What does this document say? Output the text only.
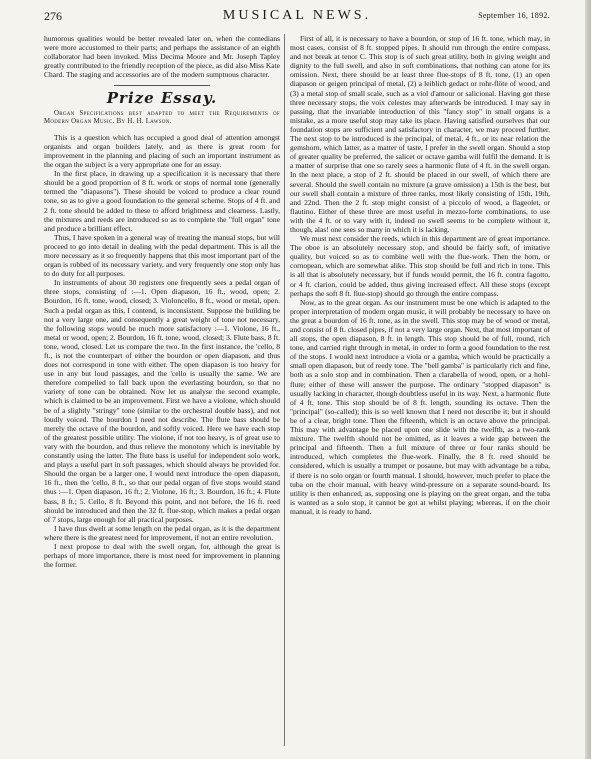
MUSICAL NEWS.
276	September 16, 1892.

humorous qualities would be better revealed later on, when the comedians were more accustomed to their parts; and perhaps the assistance of an eighth collaborator had been invoked. Miss Decima Moore and Mr. Joseph Tapley greatly contributed to the friendly reception of the piece, as did also Miss Kate Chard. The staging and accessories are of the modern sumptuous character.

Prize Essay.
Organ Specifications best adapted to meet the Requirements of Modern Organ Music. By H. H. Lawson.

This is a question which has occupied a good deal of attention amongst organists and organ builders lately, and as there is great room for improvement in the planning and placing of such an important instrument as the organ the subject is a very appropriate one for an essay.

In the first place, in drawing up a specification it is necessary that there should be a good proportion of 8 ft. work or stops of normal tone (generally termed the "diapasons"). These should be voiced to produce a clear round tone, so as to give a good foundation to the general scheme. Stops of 4 ft. and 2 ft. tone should be added to these to afford brightness and clearness. Lastly, the mixtures and reeds are introduced so as to complete the "full organ" tone and produce a brilliant effect.

Thus, I have spoken in a general way of treating the manual stops, but will proceed to go into detail in dealing with the pedal department. This is all the more necessary as it so frequently happens that this most important part of the organ is robbed of its necessary variety, and very frequently one stop only has to do duty for all purposes.

In instruments of about 30 registers one frequently sees a pedal organ of three stops, consisting of :—1. Open diapason, 16 ft., wood, open; 2. Bourdon, 16 ft. tone, wood, closed; 3. Violoncello, 8 ft., wood or metal, open. Such a pedal organ as this, I contend, is inconsistent. Suppose the building be not a very large one, and consequently a great weight of tone not necessary, the following stops would be much more satisfactory :—1. Violone, 16 ft., metal or wood, open; 2. Bourdon, 16 ft. tone, wood, closed; 3. Flute bass, 8 ft. tone, wood, closed. Let us compare the two. In the first instance, the 'cello, 8 ft., is not the counterpart of either the bourdon or open diapason, and thus does not correspond in tone with either. The open diapason is too heavy for use in any but loud passages, and the 'cello is usually the same. We are therefore compelled to fall back upon the everlasting bourdon, so that no variety of tone can be obtained. Now let us analyse the second example, which is claimed to be an improvement. First we have a violone, which should be of a slightly "stringy" tone (similar to the orchestral double bass), and not loudly voiced. The bourdon I need not describe. The flute bass should be merely the octave of the bourdon, and softly voiced. Here we have each stop of the greatest possible utility. The violone, if not too heavy, is of great use to vary with the bourdon, and thus relieve the monotony which is inevitable by constantly using the latter. The flute bass is useful for independent solo work, and plays a useful part in soft passages, which should always be provided for. Should the organ be a larger one, I would next introduce the open diapason, 16 ft., then the 'cello, 8 ft., so that our pedal organ of five stops would stand thus :—1. Open diapason, 16 ft.; 2. Violone, 16 ft.; 3. Bourdon, 16 ft.; 4. Flute bass, 8 ft.; 5. Cello, 8 ft. Beyond this point, and not before, the 16 ft. reed should be introduced and then the 32 ft. flue-stop, which makes a pedal organ of 7 stops, large enough for all practical purposes.

I have thus dwelt at some length on the pedal organ, as it is the department where there is the greatest need for improvement, if not an entire revolution.

I next propose to deal with the swell organ, for, although the great is perhaps of more importance, there is most need for improvement in planning the former.

First of all, it is necessary to have a bourdon, or stop of 16 ft. tone, which may, in most cases, consist of 8 ft. stopped pipes. It should run through the entire compass, and not break at tenor C. This stop is of such great utility, both in giving weight and dignity to the full swell, and also in soft combinations, that nothing can atone for its omission. Next, there should be at least three flue-stops of 8 ft. tone, (1) an open diapason or geigen principal of metal, (2) a leiblich gedact or rohr-flöte of wood, and (3) a metal stop of small scale, such as a viol d'amour or salicional. Having got these three necessary stops, the voix celestes may afterwards be introduced. I may say in passing, that the invariable introduction of this "fancy stop" in small organs is a mistake, as a more useful stop may take its place. Having satisfied ourselves that our foundation stops are sufficient and satisfactory in character, we may proceed further. The next stop to be introduced is the principal, of metal, 4 ft., or its near relation the gemshorn, which latter, as a matter of taste, I prefer in the swell organ. Should a stop of greater quality be preferred, the salicet or octave gamba will fulfil the demand. It is a matter of surprise that one so rarely sees a harmonic flute of 4 ft. in the swell organ. In the next place, a stop of 2 ft. should be placed in our swell, of which there are several. Should the swell contain no mixture (a grave omission) a 15th is the best, but our swell shall contain a mixture of three ranks, most likely consisting of 15th, 19th, and 22nd. Then the 2 ft. stop might consist of a piccolo of wood, a flageolet, or flautino. Either of these three are most useful in mezzo-forte combinations, to use with the 4 ft. or to vary with it, indeed no swell seems to be complete without it, though, alas! one sees so many in which it is lacking.

We must next consider the reeds, which in this department are of great importance. The oboe is an absolutely necessary stop, and should be fairly soft, of imitative quality, but voiced so as to combine well with the flue-work. Then the horn, or cornopean, which are somewhat alike. This stop should be full and rich in tone. This is all that is absolutely necessary, but if funds would permit, the 16 ft. contra fagotto, or 4 ft. clarion, could be added, thus giving increased effect. All these stops (except perhaps the soft 8 ft. flue-stop) should go through the entire compass.

Now, as to the great organ. As our instrument must be one which is adapted to the proper interpretation of modern organ music, it will probably be necessary to have on the great a bourdon of 16 ft. tone, as in the swell. This stop may be of wood or metal, and consist of 8 ft. closed pipes, if not a very large organ. Next, that most important of all stops, the open diapason, 8 ft. in length. This stop should be of full, round, rich tone, and carried right through in metal, in order to form a good foundation to the rest of the stops. I would next introduce a viola or a gamba, which would be practically a small open diapason, but of reedy tone. The "bell gamba" is particularly rich and fine, both as a solo stop and in combination. Then a clarabella of wood, open, or a hohl-flute; either of these will answer the purpose. The ordinary "stopped diapason" is usually lacking in character, though doubtless useful in its way. Next, a harmonic flute of 4 ft. tone. This stop should be of 8 ft. length, sounding its octave. Then the "principal" (so-called); this is so well known that I need not describe it; but it should be of a clear, bright tone. Then the fifteenth, which is an octave above the principal. This may with advantage be placed upon one slide with the twelfth, as a two-rank mixture. The twelfth should not be omitted, as it leaves a wide gap between the principal and fifteenth. Then a full mixture of three or four ranks should be introduced, which completes the flue-work. Finally, the 8 ft. reed should be considered, which is usually a trumpet or posaune, but may with advantage be a tuba, if there is no solo organ or fourth manual. I should, however, much prefer to place the tuba on the choir manual, with heavy wind-pressure on a separate sound-board. Its utility is then enhanced, as, supposing one is playing on the great organ, and the tuba is wanted as a solo stop, it cannot be got at whilst playing; whereas, if on the choir manual, it is ready to hand.
